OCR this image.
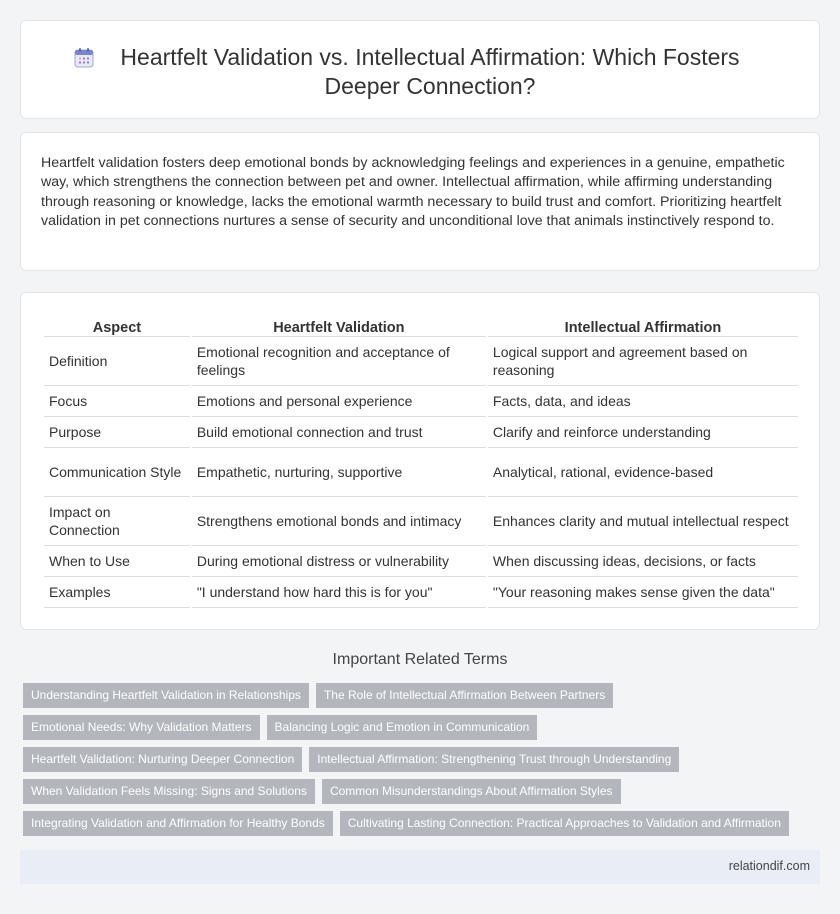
Heartfelt Validation vs. Intellectual Affirmation: Which Fosters Deeper Connection?

Heartfelt validation fosters deep emotional bonds by acknowledging feelings and experiences in a genuine, empathetic way, which strengthens the connection between pet and owner. Intellectual affirmation, while affirming understanding through reasoning or knowledge, lacks the emotional warmth necessary to build trust and comfort. Prioritizing heartfelt validation in pet connections nurtures a sense of security and unconditional love that animals instinctively respond to.

Aspect	Heartfelt Validation	Intellectual Affirmation
Definition	Emotional recognition and acceptance of feelings	Logical support and agreement based on reasoning
Focus	Emotions and personal experience	Facts, data, and ideas
Purpose	Build emotional connection and trust	Clarify and reinforce understanding
Communication Style	Empathetic, nurturing, supportive	Analytical, rational, evidence-based
Impact on Connection	Strengthens emotional bonds and intimacy	Enhances clarity and mutual intellectual respect
When to Use	During emotional distress or vulnerability	When discussing ideas, decisions, or facts
Examples	"I understand how hard this is for you"	"Your reasoning makes sense given the data"
Important Related Terms
Understanding Heartfelt Validation in Relationships	The Role of Intellectual Affirmation Between Partners
Emotional Needs: Why Validation Matters	Balancing Logic and Emotion in Communication
Heartfelt Validation: Nurturing Deeper Connection	Intellectual Affirmation: Strengthening Trust through Understanding
When Validation Feels Missing: Signs and Solutions	Common Misunderstandings About Affirmation Styles
Integrating Validation and Affirmation for Healthy Bonds	Cultivating Lasting Connection: Practical Approaches to Validation and Affirmation
relationdif.com
